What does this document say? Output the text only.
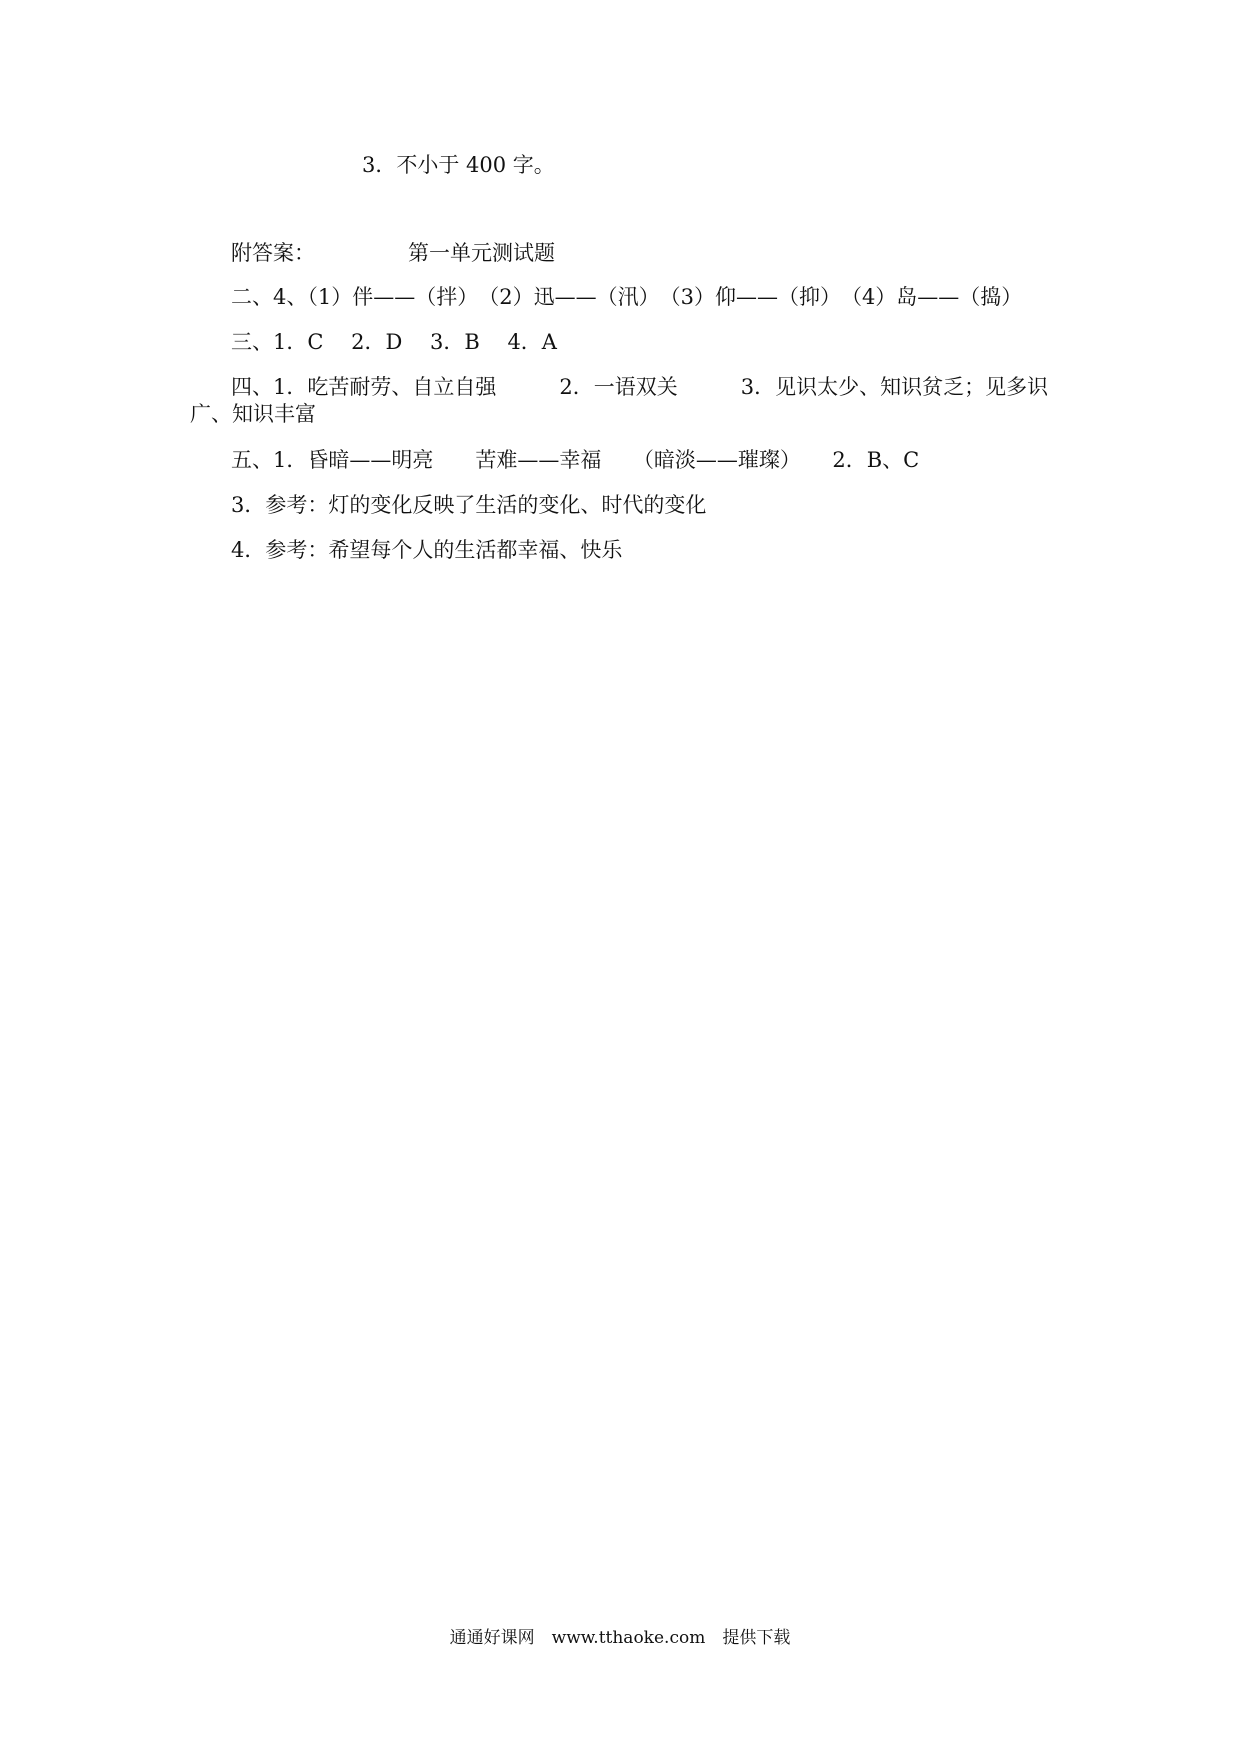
3．不小于 400 字。
附答案：	第一单元测试题
二、4、（1）伴——（拌）　（2）迅——（汛）　（3）仰——（抑）　（4）岛——（捣）
三、1．C　 2．D　 3．B　 4．A
四、1．吃苦耐劳、自立自强　　　2．一语双关　　　3．见识太少、知识贫乏；见多识
广、知识丰富
五、1．昏暗——明亮　　苦难——幸福　　（暗淡——璀璨）　　2．B、C
3．参考：灯的变化反映了生活的变化、时代的变化
4．参考：希望每个人的生活都幸福、快乐
通通好课网　www.tthaoke.com　提供下载
